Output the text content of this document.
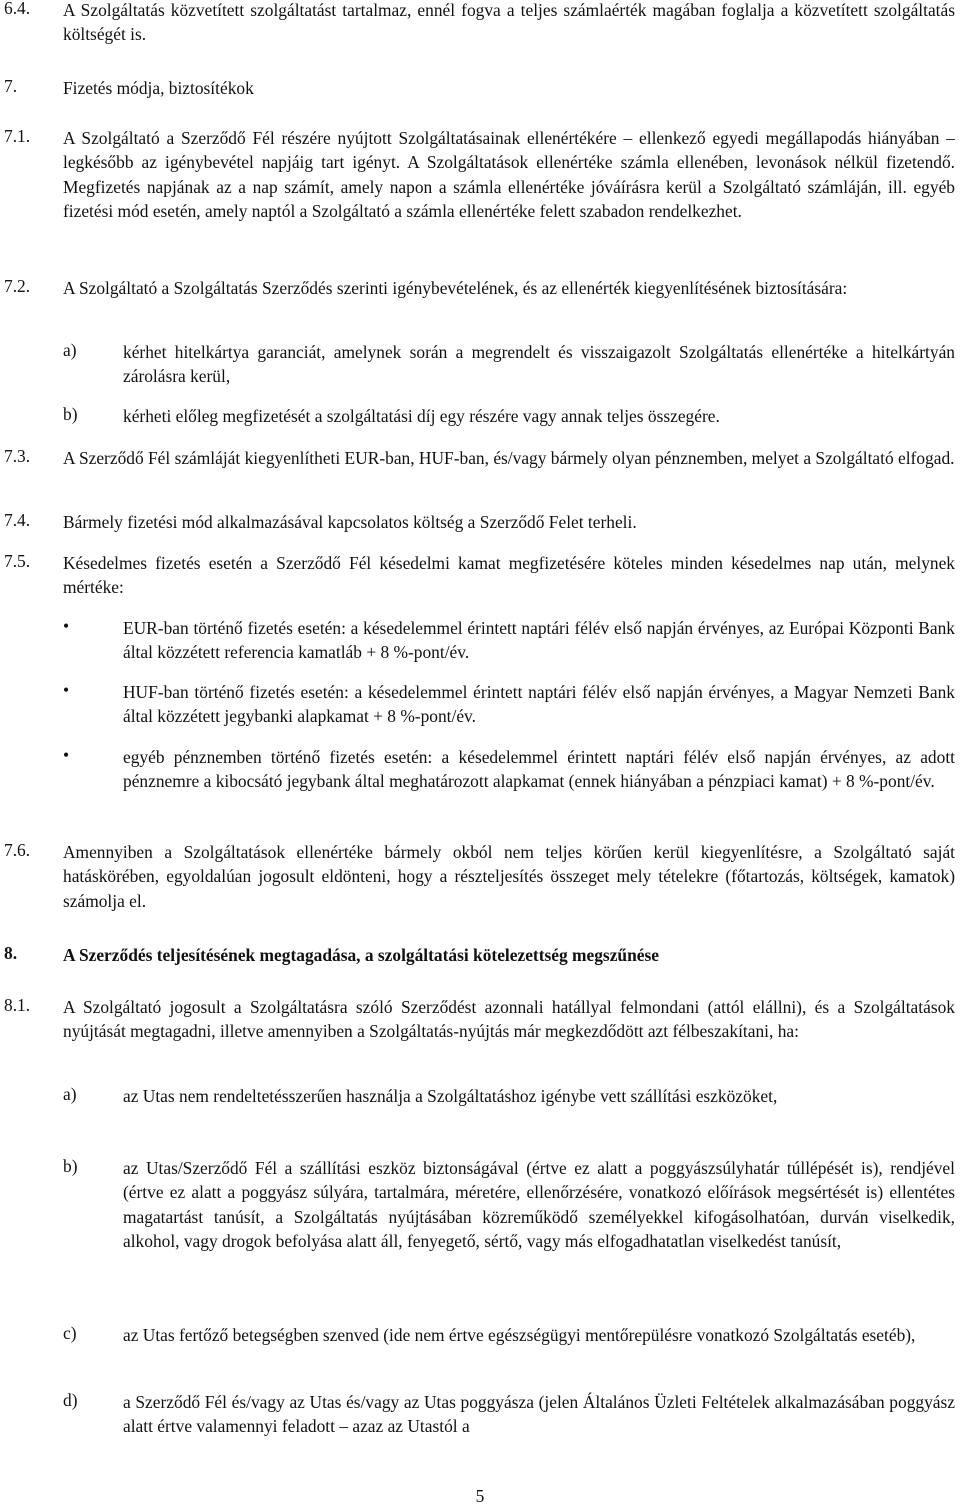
6.4.	A Szolgáltatás közvetített szolgáltatást tartalmaz, ennél fogva a teljes számlaérték magában foglalja a közvetített szolgáltatás költségét is.
7.	Fizetés módja, biztosítékok
7.1.	A Szolgáltató a Szerződő Fél részére nyújtott Szolgáltatásainak ellenértékére – ellenkező egyedi megállapodás hiányában – legkésőbb az igénybevétel napjáig tart igényt. A Szolgáltatások ellenértéke számla ellenében, levonások nélkül fizetendő. Megfizetés napjának az a nap számít, amely napon a számla ellenértéke jóváírásra kerül a Szolgáltató számláján, ill. egyéb fizetési mód esetén, amely naptól a Szolgáltató a számla ellenértéke felett szabadon rendelkezhet.
7.2.	A Szolgáltató a Szolgáltatás Szerződés szerinti igénybevételének, és az ellenérték kiegyenlítésének biztosítására:
a)	kérhet hitelkártya garanciát, amelynek során a megrendelt és visszaigazolt Szolgáltatás ellenértéke a hitelkártyán zárolásra kerül,
b)	kérheti előleg megfizetését a szolgáltatási díj egy részére vagy annak teljes összegére.
7.3.	A Szerződő Fél számláját kiegyenlítheti EUR-ban, HUF-ban, és/vagy bármely olyan pénznemben, melyet a Szolgáltató elfogad.
7.4.	Bármely fizetési mód alkalmazásával kapcsolatos költség a Szerződő Felet terheli.
7.5.	Késedelmes fizetés esetén a Szerződő Fél késedelmi kamat megfizetésére köteles minden késedelmes nap után, melynek mértéke:
•	EUR-ban történő fizetés esetén: a késedelemmel érintett naptári félév első napján érvényes, az Európai Központi Bank által közzétett referencia kamatláb + 8 %-pont/év.
•	HUF-ban történő fizetés esetén: a késedelemmel érintett naptári félév első napján érvényes, a Magyar Nemzeti Bank által közzétett jegybanki alapkamat + 8 %-pont/év.
•	egyéb pénznemben történő fizetés esetén: a késedelemmel érintett naptári félév első napján érvényes, az adott pénznemre a kibocsátó jegybank által meghatározott alapkamat (ennek hiányában a pénzpiaci kamat) + 8 %-pont/év.
7.6.	Amennyiben a Szolgáltatások ellenértéke bármely okból nem teljes körűen kerül kiegyenlítésre, a Szolgáltató saját hatáskörében, egyoldalúan jogosult eldönteni, hogy a részteljesítés összeget mely tételekre (főtartozás, költségek, kamatok) számolja el.
8.	A Szerződés teljesítésének megtagadása, a szolgáltatási kötelezettség megszűnése
8.1.	A Szolgáltató jogosult a Szolgáltatásra szóló Szerződést azonnali hatállyal felmondani (attól elállni), és a Szolgáltatások nyújtását megtagadni, illetve amennyiben a Szolgáltatás-nyújtás már megkezdődött azt félbeszakítani, ha:
a)	az Utas nem rendeltetésszerűen használja a Szolgáltatáshoz igénybe vett szállítási eszközöket,
b)	az Utas/Szerződő Fél a szállítási eszköz biztonságával (értve ez alatt a poggyászsúlyhatár túllépését is), rendjével (értve ez alatt a poggyász súlyára, tartalmára, méretére, ellenőrzésére, vonatkozó előírások megsértését is) ellentétes magatartást tanúsít, a Szolgáltatás nyújtásában közreműködő személyekkel kifogásolhatóan, durván viselkedik, alkohol, vagy drogok befolyása alatt áll, fenyegető, sértő, vagy más elfogadhatatlan viselkedést tanúsít,
c)	az Utas fertőző betegségben szenved (ide nem értve egészségügyi mentőrepülésre vonatkozó Szolgáltatás esetéb),
d)	a Szerződő Fél és/vagy az Utas és/vagy az Utas poggyásza (jelen Általános Üzleti Feltételek alkalmazásában poggyász alatt értve valamennyi feladott – azaz az Utastól a
5
